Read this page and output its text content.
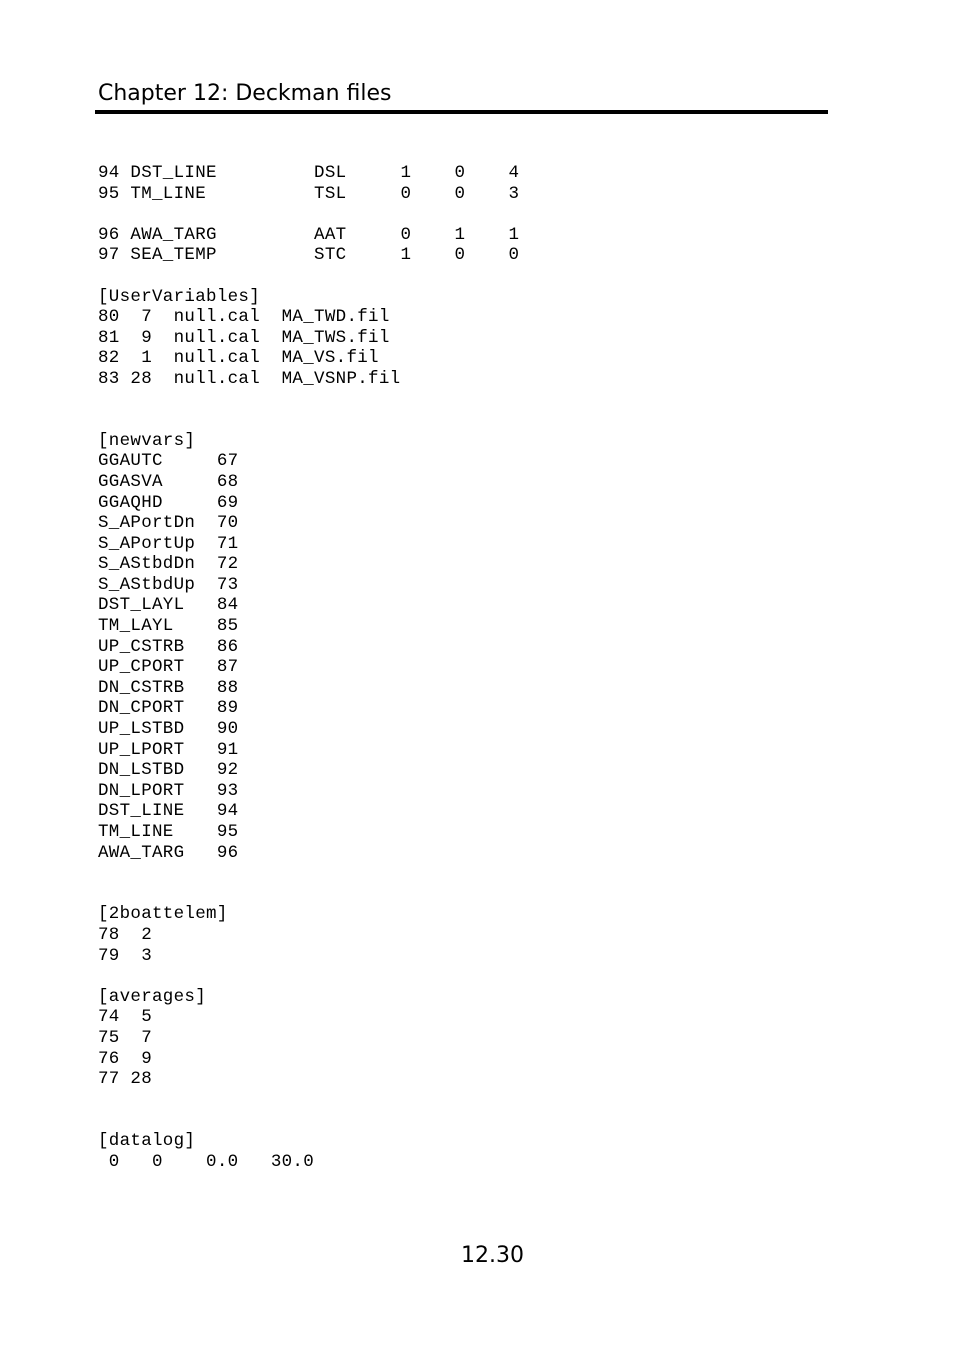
Chapter 12: Deckman files
94 DST_LINE         DSL     1    0    4
95 TM_LINE          TSL     0    0    3
96 AWA_TARG         AAT     0    1    1
97 SEA_TEMP         STC     1    0    0
[UserVariables]
80  7  null.cal  MA_TWD.fil
81  9  null.cal  MA_TWS.fil
82  1  null.cal  MA_VS.fil
83 28  null.cal  MA_VSNP.fil
[newvars]
GGAUTC     67
GGASVA     68
GGAQHD     69
S_APortDn  70
S_APortUp  71
S_AStbdDn  72
S_AStbdUp  73
DST_LAYL   84
TM_LAYL    85
UP_CSTRB   86
UP_CPORT   87
DN_CSTRB   88
DN_CPORT   89
UP_LSTBD   90
UP_LPORT   91
DN_LSTBD   92
DN_LPORT   93
DST_LINE   94
TM_LINE    95
AWA_TARG   96
[2boattelem]
78  2
79  3
[averages]
74  5
75  7
76  9
77 28
[datalog]
0   0    0.0   30.0
12.30
